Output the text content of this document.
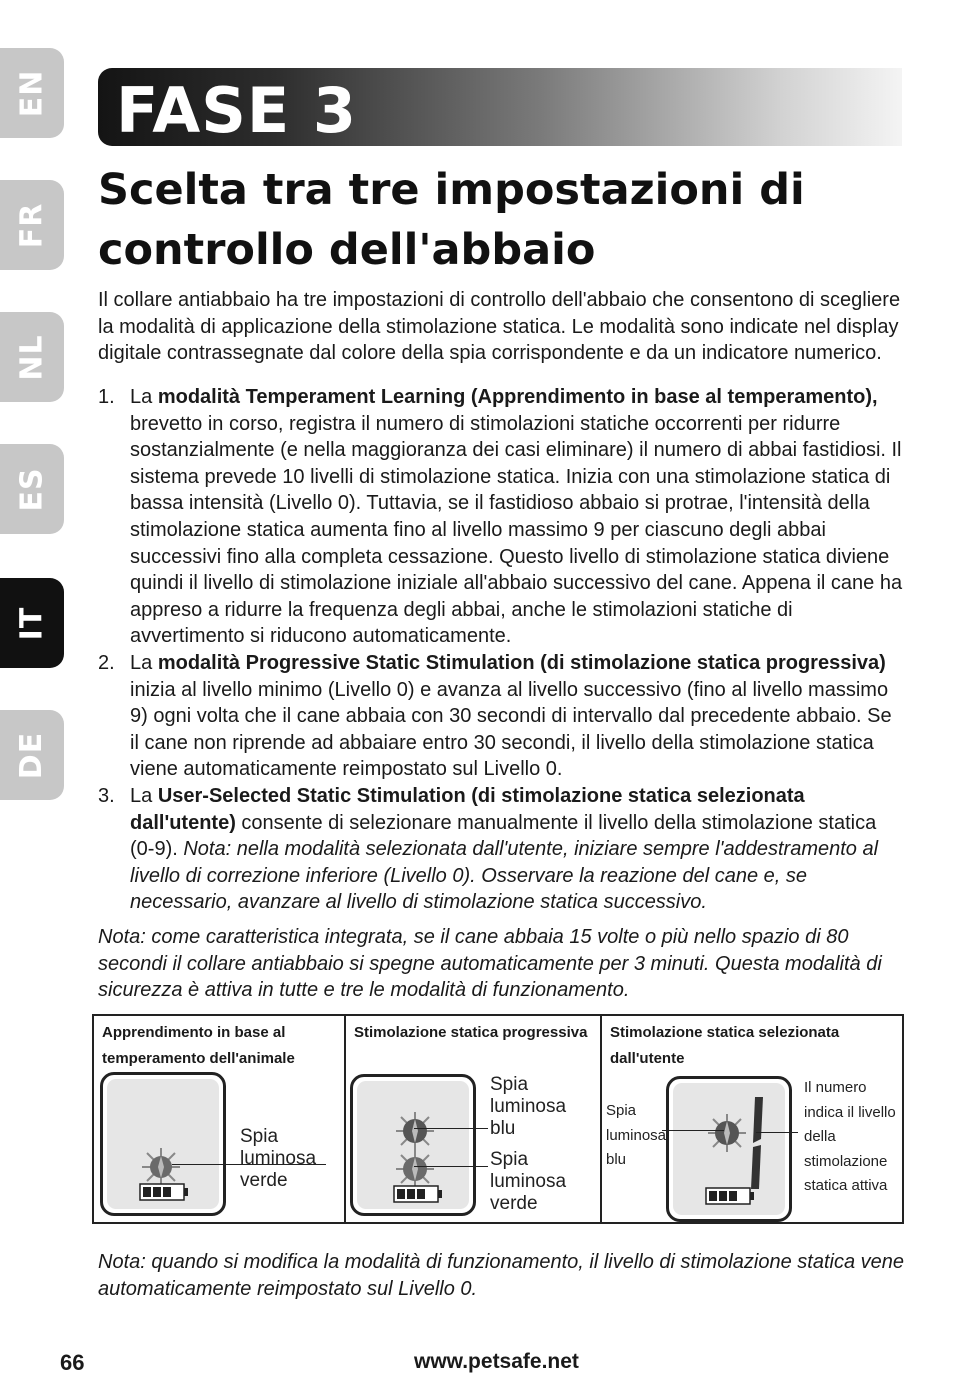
EN
FR
NL
ES
IT
DE
FASE 3
Scelta tra tre impostazioni di controllo dell'abbaio
Il collare antiabbaio ha tre impostazioni di controllo dell'abbaio che consentono di scegliere la modalità di applicazione della stimolazione statica. Le modalità sono indicate nel display digitale contrassegnate dal colore della spia corrispondente e da un indicatore numerico.
1. La modalità Temperament Learning (Apprendimento in base al temperamento), brevetto in corso, registra il numero di stimolazioni statiche occorrenti per ridurre sostanzialmente (e nella maggioranza dei casi eliminare) il numero di abbai fastidiosi. Il sistema prevede 10 livelli di stimolazione statica. Inizia con una stimolazione statica di bassa intensità (Livello 0). Tuttavia, se il fastidioso abbaio si protrae, l'intensità della stimolazione statica aumenta fino al livello massimo 9 per ciascuno degli abbai successivi fino alla completa cessazione. Questo livello di stimolazione statica diviene quindi il livello di stimolazione iniziale all'abbaio successivo del cane. Appena il cane ha appreso a ridurre la frequenza degli abbai, anche le stimolazioni statiche di avvertimento si riducono automaticamente.
2. La modalità Progressive Static Stimulation (di stimolazione statica progressiva) inizia al livello minimo (Livello 0) e avanza al livello successivo (fino al livello massimo 9) ogni volta che il cane abbaia con 30 secondi di intervallo dal precedente abbaio. Se il cane non riprende ad abbaiare entro 30 secondi, il livello della stimolazione statica viene automaticamente reimpostato sul Livello 0.
3. La User-Selected Static Stimulation (di stimolazione statica selezionata dall'utente) consente di selezionare manualmente il livello della stimolazione statica (0-9). Nota: nella modalità selezionata dall'utente, iniziare sempre l'addestramento al livello di correzione inferiore (Livello 0). Osservare la reazione del cane e, se necessario, avanzare al livello di stimolazione statica successivo.
Nota: come caratteristica integrata, se il cane abbaia 15 volte o più nello spazio di 80 secondi il collare antiabbaio si spegne automaticamente per 3 minuti. Questa modalità di sicurezza è attiva in tutte e tre le modalità di funzionamento.
Apprendimento in base al temperamento dell'animale
Spia luminosa verde
Stimolazione statica progressiva
Spia luminosa blu
Spia luminosa verde
Stimolazione statica selezionata dall'utente
Spia luminosa blu
Il numero indica il livello della stimolazione statica attiva
Nota: quando si modifica la modalità di funzionamento, il livello di stimolazione statica vene automaticamente reimpostato sul Livello 0.
66	www.petsafe.net
